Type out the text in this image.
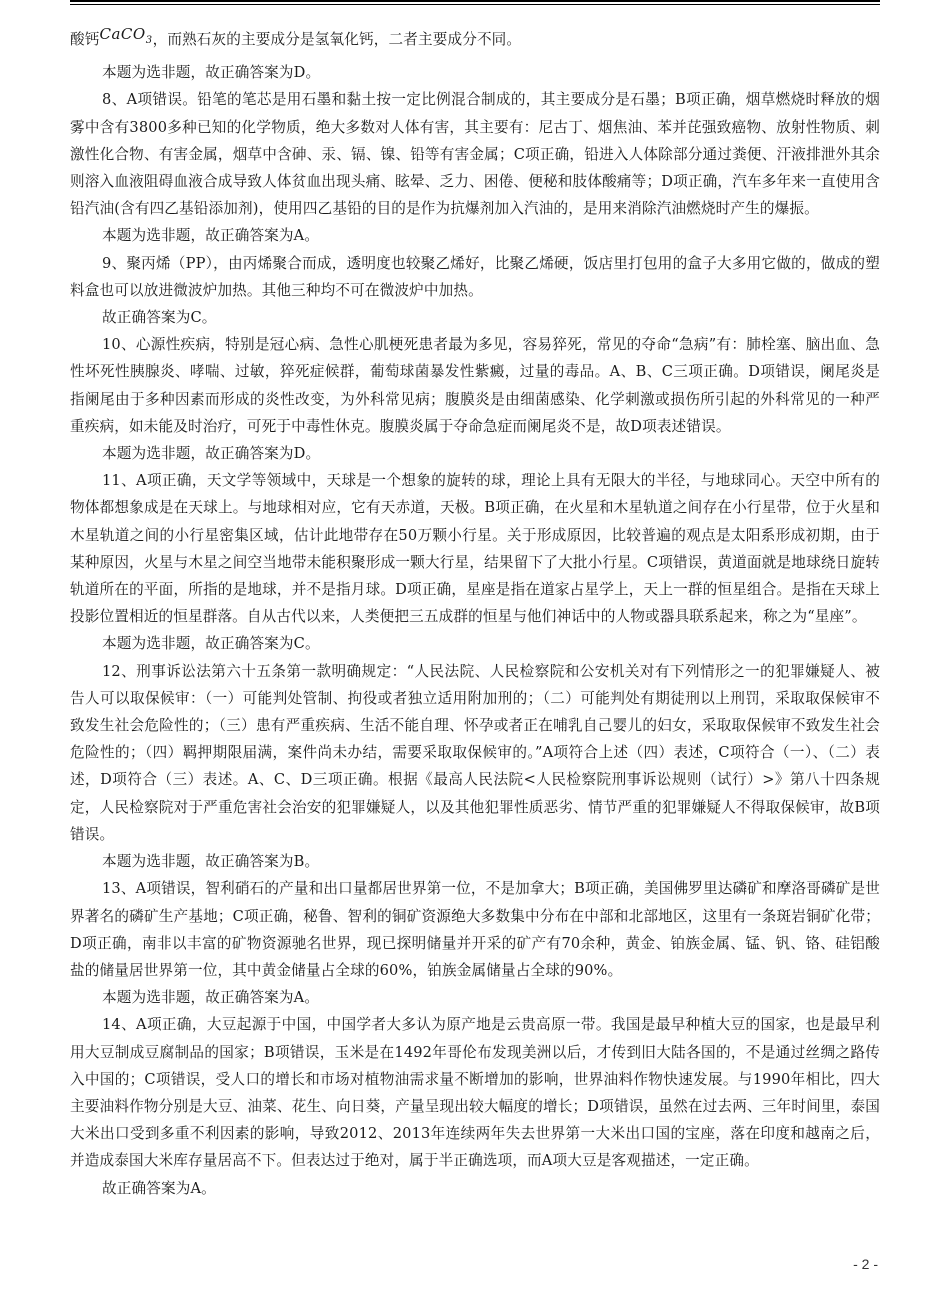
酸钙CaCO$_3$，而熟石灰的主要成分是氢氧化钙，二者主要成分不同。

本题为选非题，故正确答案为D。

8、A项错误。铅笔的笔芯是用石墨和黏土按一定比例混合制成的，其主要成分是石墨；B项正确，烟草燃烧时释放的烟雾中含有3800多种已知的化学物质，绝大多数对人体有害，其主要有：尼古丁、烟焦油、苯并芘强致癌物、放射性物质、刺激性化合物、有害金属，烟草中含砷、汞、镉、镍、铅等有害金属；C项正确，铅进入人体除部分通过粪便、汗液排泄外其余则溶入血液阻碍血液合成导致人体贫血出现头痛、眩晕、乏力、困倦、便秘和肢体酸痛等；D项正确，汽车多年来一直使用含铅汽油(含有四乙基铅添加剂)，使用四乙基铅的目的是作为抗爆剂加入汽油的，是用来消除汽油燃烧时产生的爆振。

本题为选非题，故正确答案为A。

9、聚丙烯（PP），由丙烯聚合而成，透明度也较聚乙烯好，比聚乙烯硬，饭店里打包用的盒子大多用它做的，做成的塑料盒也可以放进微波炉加热。其他三种均不可在微波炉中加热。

故正确答案为C。

10、心源性疾病，特别是冠心病、急性心肌梗死患者最为多见，容易猝死，常见的夺命“急病”有：肺栓塞、脑出血、急性坏死性胰腺炎、哮喘、过敏，猝死症候群，葡萄球菌暴发性紫癜，过量的毒品。A、B、C三项正确。D项错误，阑尾炎是指阑尾由于多种因素而形成的炎性改变，为外科常见病；腹膜炎是由细菌感染、化学刺激或损伤所引起的外科常见的一种严重疾病，如未能及时治疗，可死于中毒性休克。腹膜炎属于夺命急症而阑尾炎不是，故D项表述错误。

本题为选非题，故正确答案为D。

11、A项正确，天文学等领域中，天球是一个想象的旋转的球，理论上具有无限大的半径，与地球同心。天空中所有的物体都想象成是在天球上。与地球相对应，它有天赤道，天极。B项正确，在火星和木星轨道之间存在小行星带，位于火星和木星轨道之间的小行星密集区域，估计此地带存在50万颗小行星。关于形成原因，比较普遍的观点是太阳系形成初期，由于某种原因，火星与木星之间空当地带未能积聚形成一颗大行星，结果留下了大批小行星。C项错误，黄道面就是地球绕日旋转轨道所在的平面，所指的是地球，并不是指月球。D项正确，星座是指在道家占星学上，天上一群的恒星组合。是指在天球上投影位置相近的恒星群落。自从古代以来，人类便把三五成群的恒星与他们神话中的人物或器具联系起来，称之为“星座”。

本题为选非题，故正确答案为C。

12、刑事诉讼法第六十五条第一款明确规定：“人民法院、人民检察院和公安机关对有下列情形之一的犯罪嫌疑人、被告人可以取保候审：（一）可能判处管制、拘役或者独立适用附加刑的；（二）可能判处有期徒刑以上刑罚，采取取保候审不致发生社会危险性的；（三）患有严重疾病、生活不能自理、怀孕或者正在哺乳自己婴儿的妇女，采取取保候审不致发生社会危险性的；（四）羁押期限届满，案件尚未办结，需要采取取保候审的。”A项符合上述（四）表述，C项符合（一）、（二）表述，D项符合（三）表述。A、C、D三项正确。根据《最高人民法院<人民检察院刑事诉讼规则（试行）>》第八十四条规定，人民检察院对于严重危害社会治安的犯罪嫌疑人，以及其他犯罪性质恶劣、情节严重的犯罪嫌疑人不得取保候审，故B项错误。

本题为选非题，故正确答案为B。

13、A项错误，智利硝石的产量和出口量都居世界第一位，不是加拿大；B项正确，美国佛罗里达磷矿和摩洛哥磷矿是世界著名的磷矿生产基地；C项正确，秘鲁、智利的铜矿资源绝大多数集中分布在中部和北部地区，这里有一条斑岩铜矿化带；D项正确，南非以丰富的矿物资源驰名世界，现已探明储量并开采的矿产有70余种，黄金、铂族金属、锰、钒、铬、硅铝酸盐的储量居世界第一位，其中黄金储量占全球的60%，铂族金属储量占全球的90%。

本题为选非题，故正确答案为A。

14、A项正确，大豆起源于中国，中国学者大多认为原产地是云贵高原一带。我国是最早种植大豆的国家，也是最早利用大豆制成豆腐制品的国家；B项错误，玉米是在1492年哥伦布发现美洲以后，才传到旧大陆各国的，不是通过丝绸之路传入中国的；C项错误，受人口的增长和市场对植物油需求量不断增加的影响，世界油料作物快速发展。与1990年相比，四大主要油料作物分别是大豆、油菜、花生、向日葵，产量呈现出较大幅度的增长；D项错误，虽然在过去两、三年时间里，泰国大米出口受到多重不利因素的影响，导致2012、2013年连续两年失去世界第一大米出口国的宝座，落在印度和越南之后，并造成泰国大米库存量居高不下。但表达过于绝对，属于半正确选项，而A项大豆是客观描述，一定正确。

故正确答案为A。

- 2 -
